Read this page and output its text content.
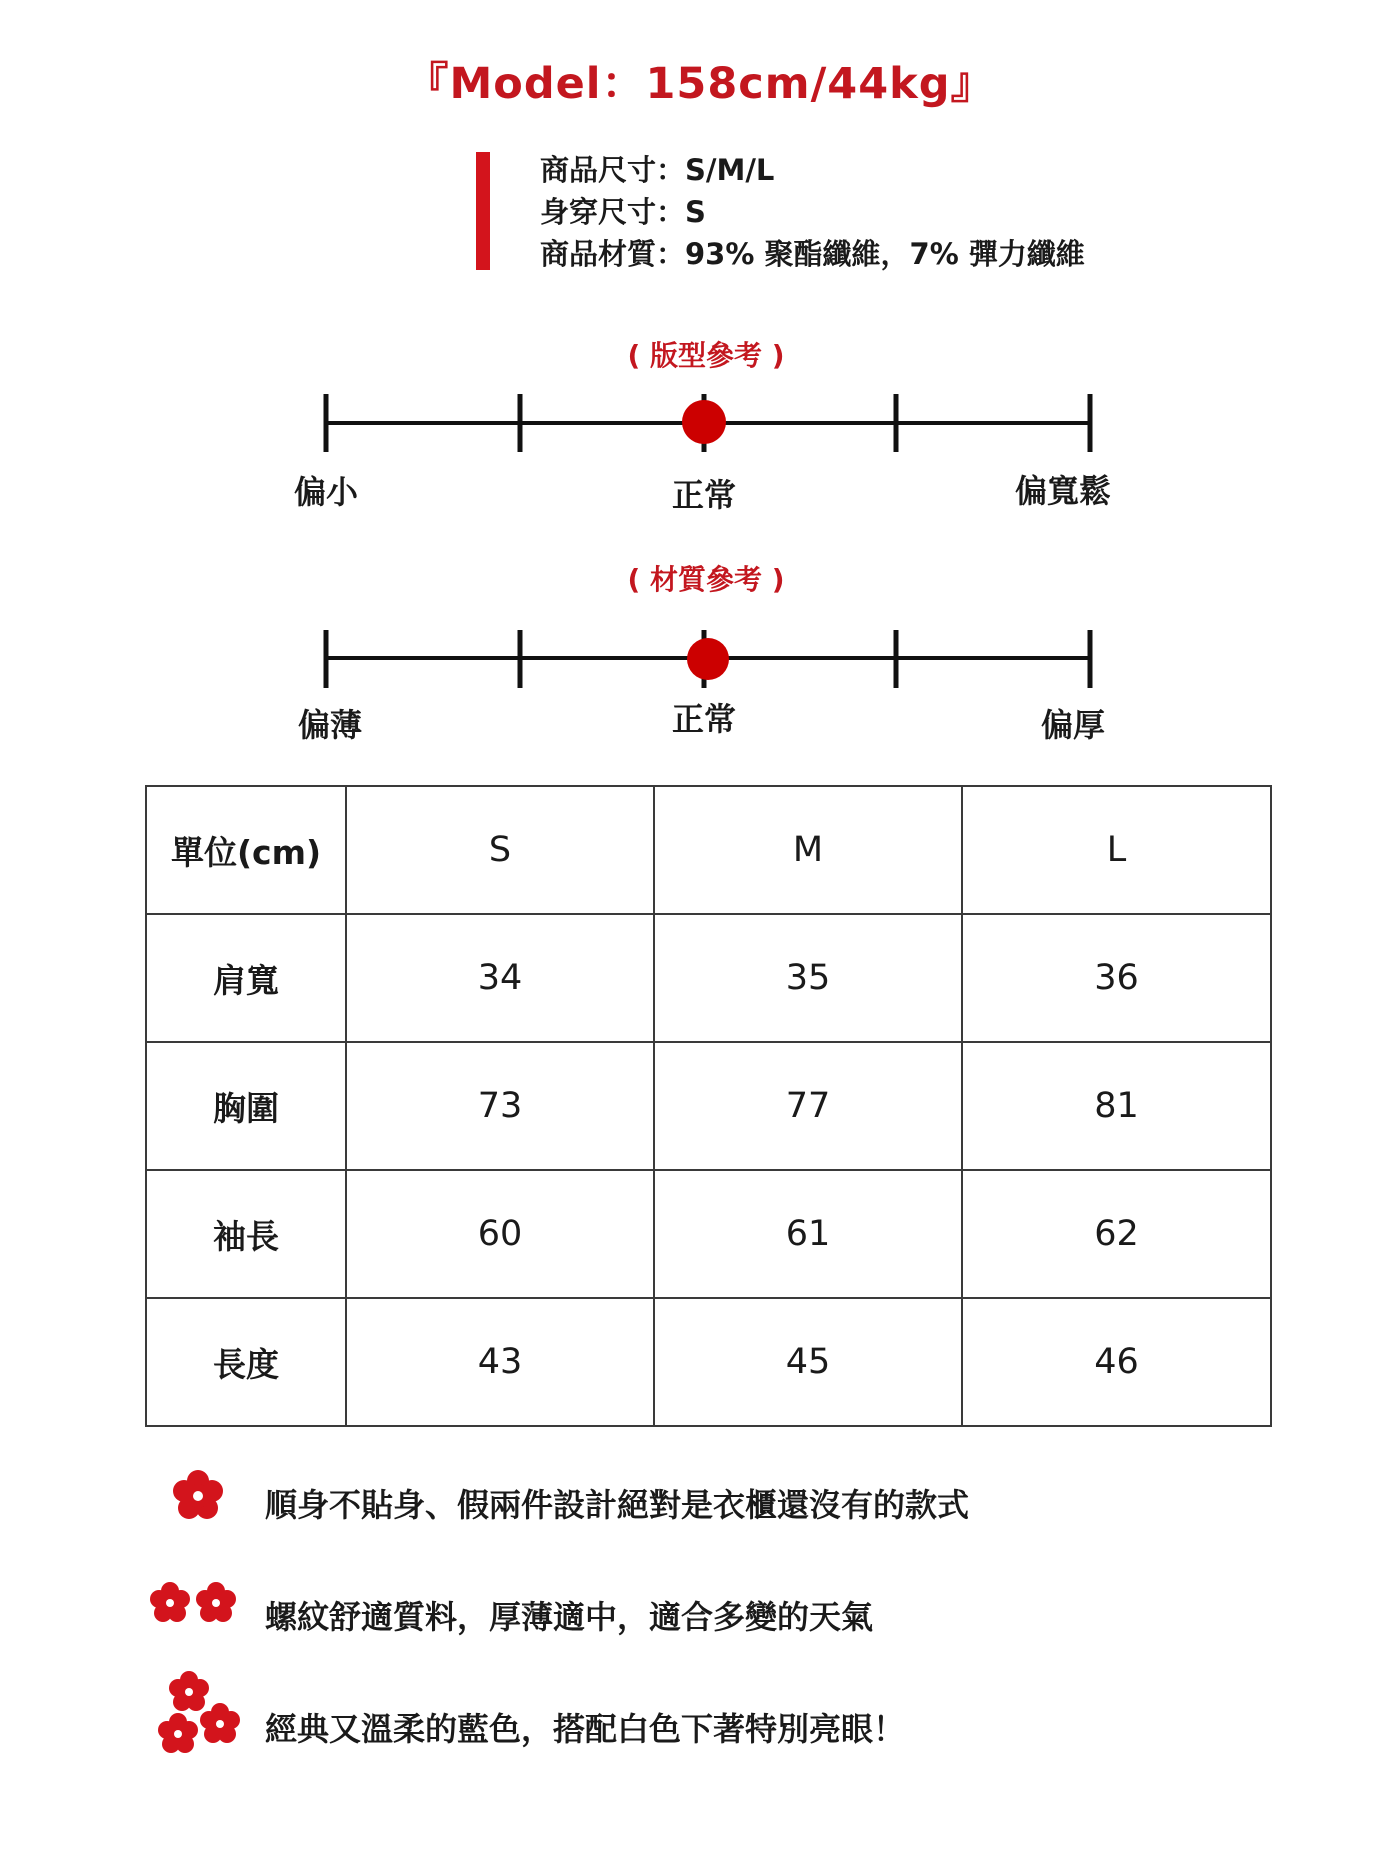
『Model：158cm/44kg』
商品尺寸：S/M/L
身穿尺寸：S
商品材質：93% 聚酯纖維，7% 彈力纖維
( 版型參考 )
偏小	正常	偏寬鬆
( 材質參考 )
偏薄	正常	偏厚
單位(cm)	S	M	L
肩寬	34	35	36
胸圍	73	77	81
袖長	60	61	62
長度	43	45	46
順身不貼身、假兩件設計絕對是衣櫃還沒有的款式
螺紋舒適質料，厚薄適中，適合多變的天氣
經典又溫柔的藍色，搭配白色下著特別亮眼！
